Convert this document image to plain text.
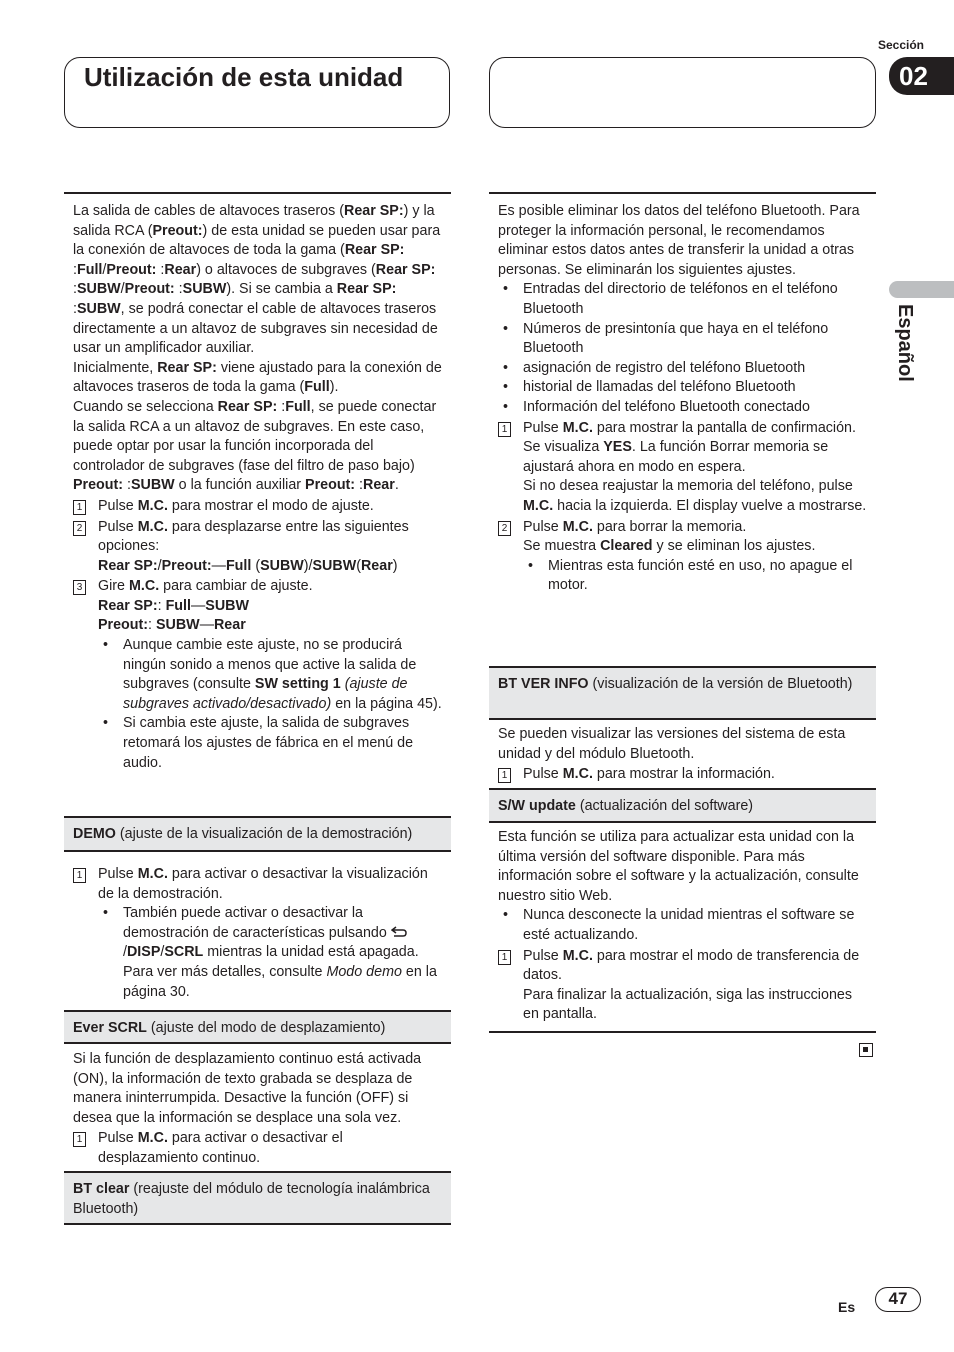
Utilización de esta unidad
Sección
02
Español

La salida de cables de altavoces traseros (Rear SP:) y la salida RCA (Preout:) de esta unidad se pueden usar para la conexión de altavoces de toda la gama (Rear SP: :Full/Preout: :Rear) o altavoces de subgraves (Rear SP: :SUBW/Preout: :SUBW). Si se cambia a Rear SP: :SUBW, se podrá conectar el cable de altavoces traseros directamente a un altavoz de subgraves sin necesidad de usar un amplificador auxiliar.

Inicialmente, Rear SP: viene ajustado para la conexión de altavoces traseros de toda la gama (Full).

Cuando se selecciona Rear SP: :Full, se puede conectar la salida RCA a un altavoz de subgraves. En este caso, puede optar por usar la función incorporada del controlador de subgraves (fase del filtro de paso bajo) Preout: :SUBW o la función auxiliar Preout: :Rear.

1 Pulse M.C. para mostrar el modo de ajuste.
2 Pulse M.C. para desplazarse entre las siguientes opciones:

Rear SP:/Preout:—Full (SUBW)/SUBW(Rear)

3 Gire M.C. para cambiar de ajuste.

Rear SP:: Full—SUBW

Preout:: SUBW—Rear

•	Aunque cambie este ajuste, no se producirá ningún sonido a menos que active la salida de subgraves (consulte SW setting 1 (ajuste de subgraves activado/desactivado) en la página 45).
•	Si cambia este ajuste, la salida de subgraves retomará los ajustes de fábrica en el menú de audio.
DEMO (ajuste de la visualización de la demostración)
1 Pulse M.C. para activar o desactivar la visualización de la demostración.
•	También puede activar o desactivar la demostración de características pulsando /DISP/SCRL mientras la unidad está apagada. Para ver más detalles, consulte Modo demo en la página 30.
Ever SCRL (ajuste del modo de desplazamiento)

Si la función de desplazamiento continuo está activada (ON), la información de texto grabada se desplaza de manera ininterrumpida. Desactive la función (OFF) si desea que la información se desplace una sola vez.

1 Pulse M.C. para activar o desactivar el desplazamiento continuo.
BT clear (reajuste del módulo de tecnología inalámbrica Bluetooth)

Es posible eliminar los datos del teléfono Bluetooth. Para proteger la información personal, le recomendamos eliminar estos datos antes de transferir la unidad a otras personas. Se eliminarán los siguientes ajustes.

•	Entradas del directorio de teléfonos en el teléfono Bluetooth
•	Números de presintonía que haya en el teléfono Bluetooth
•	asignación de registro del teléfono Bluetooth
•	historial de llamadas del teléfono Bluetooth
•	Información del teléfono Bluetooth conectado
1 Pulse M.C. para mostrar la pantalla de confirmación.

Se visualiza YES. La función Borrar memoria se ajustará ahora en modo en espera.

Si no desea reajustar la memoria del teléfono, pulse M.C. hacia la izquierda. El display vuelve a mostrarse.

2 Pulse M.C. para borrar la memoria.

Se muestra Cleared y se eliminan los ajustes.

•	Mientras esta función esté en uso, no apague el motor.
BT VER INFO (visualización de la versión de Bluetooth)

Se pueden visualizar las versiones del sistema de esta unidad y del módulo Bluetooth.

1 Pulse M.C. para mostrar la información.
S/W update (actualización del software)

Esta función se utiliza para actualizar esta unidad con la última versión del software disponible. Para más información sobre el software y la actualización, consulte nuestro sitio Web.

•	Nunca desconecte la unidad mientras el software se esté actualizando.
1 Pulse M.C. para mostrar el modo de transferencia de datos.

Para finalizar la actualización, siga las instrucciones en pantalla.

Es	47
